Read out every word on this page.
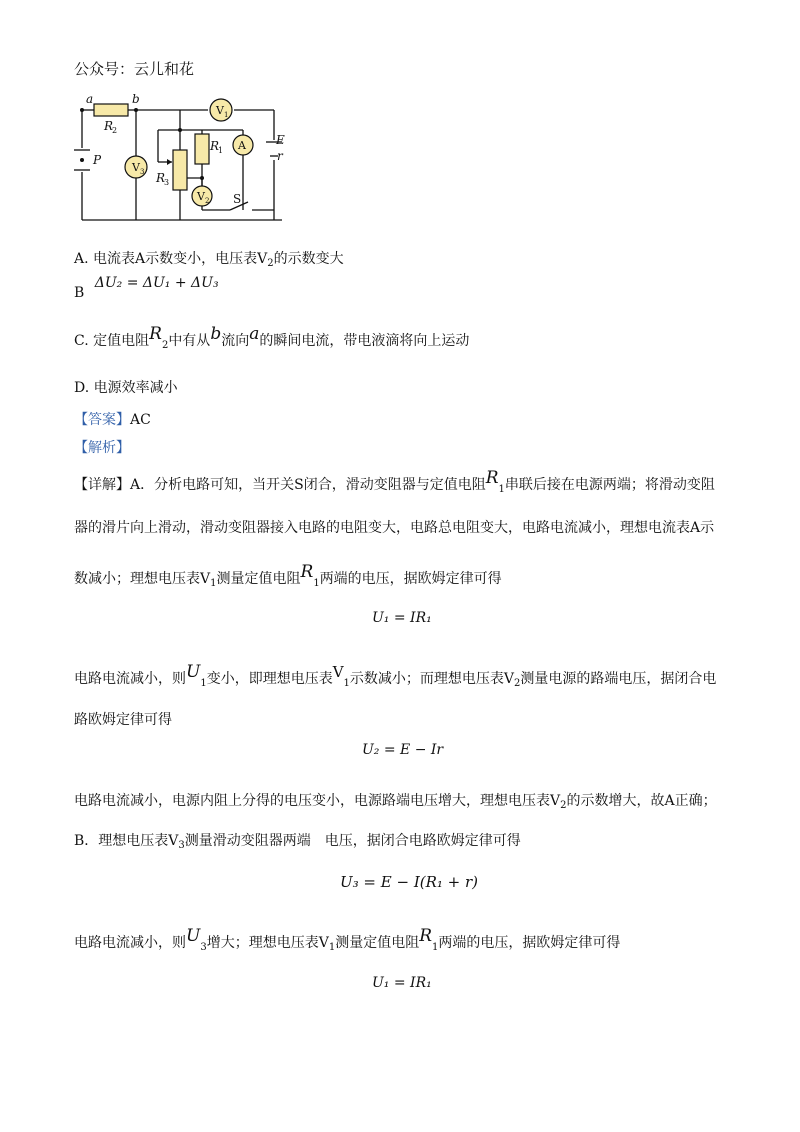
公众号：云儿和花
V 3
V 1
A
V 2
a	b
R
2
P
R
3
R
1
E
r
S
A. 电流表A示数变小，电压表$V_2$的示数变大
B ΔU₂ = ΔU₁ + ΔU₃
C. 定值电阻$R_2$中有从b流向a的瞬间电流，带电液滴将向上运动
D. 电源效率减小
【答案】AC
【解析】
【详解】A．分析电路可知，当开关S闭合，滑动变阻器与定值电阻$R_1$串联后接在电源两端；将滑动变阻
器的滑片向上滑动，滑动变阻器接入电路的电阻变大，电路总电阻变大，电路电流减小，理想电流表A示
数减小；理想电压表$V_1$测量定值电阻$R_1$两端的电压，据欧姆定律可得
U₁ = IR₁
电路电流减小，则$U_1$变小，即理想电压表$V_1$示数减小；而理想电压表$V_2$测量电源的路端电压，据闭合电
路欧姆定律可得
U₂ = E − Ir
电路电流减小，电源内阻上分得的电压变小，电源路端电压增大，理想电压表$V_2$的示数增大，故A正确；
B．理想电压表$V_3$测量滑动变阻器两端　电压，据闭合电路欧姆定律可得
U₃ = E − I(R₁ + r)
电路电流减小，则$U_3$增大；理想电压表$V_1$测量定值电阻$R_1$两端的电压，据欧姆定律可得
U₁ = IR₁
